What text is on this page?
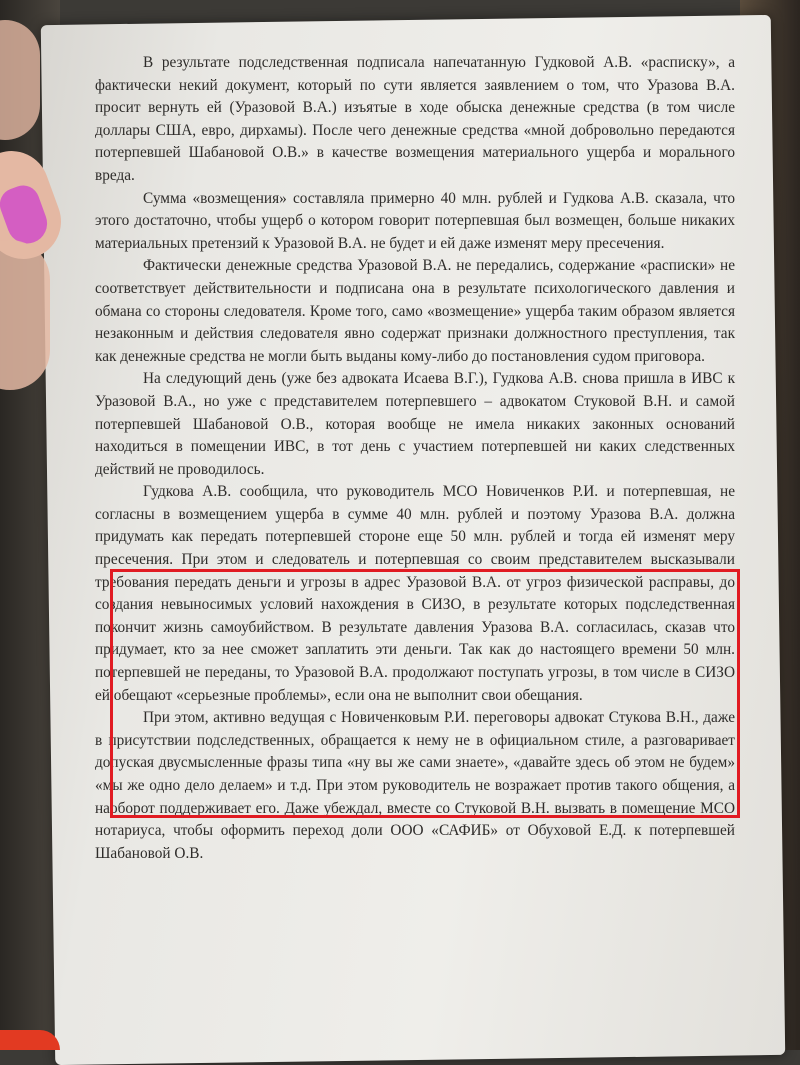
В результате подследственная подписала напечатанную Гудковой А.В. «расписку», а фактически некий документ, который по сути является заявлением о том, что Уразова В.А. просит вернуть ей (Уразовой В.А.) изъятые в ходе обыска денежные средства (в том числе доллары США, евро, дирхамы). После чего денежные средства «мной добровольно передаются потерпевшей Шабановой О.В.» в качестве возмещения материального ущерба и морального вреда.

Сумма «возмещения» составляла примерно 40 млн. рублей и Гудкова А.В. сказала, что этого достаточно, чтобы ущерб о котором говорит потерпевшая был возмещен, больше никаких материальных претензий к Уразовой В.А. не будет и ей даже изменят меру пресечения.

Фактически денежные средства Уразовой В.А. не передались, содержание «расписки» не соответствует действительности и подписана она в результате психологического давления и обмана со стороны следователя. Кроме того, само «возмещение» ущерба таким образом является незаконным и действия следователя явно содержат признаки должностного преступления, так как денежные средства не могли быть выданы кому-либо до постановления судом приговора.

На следующий день (уже без адвоката Исаева В.Г.), Гудкова А.В. снова пришла в ИВС к Уразовой В.А., но уже с представителем потерпевшего – адвокатом Стуковой В.Н. и самой потерпевшей Шабановой О.В., которая вообще не имела никаких законных оснований находиться в помещении ИВС, в тот день с участием потерпевшей ни каких следственных действий не проводилось.

Гудкова А.В. сообщила, что руководитель МСО Новиченков Р.И. и потерпевшая, не согласны в возмещением ущерба в сумме 40 млн. рублей и поэтому Уразова В.А. должна придумать как передать потерпевшей стороне еще 50 млн. рублей и тогда ей изменят меру пресечения. При этом и следователь и потерпевшая со своим представителем высказывали требования передать деньги и угрозы в адрес Уразовой В.А. от угроз физической расправы, до создания невыносимых условий нахождения в СИЗО, в результате которых подследственная покончит жизнь самоубийством. В результате давления Уразова В.А. согласилась, сказав что придумает, кто за нее сможет заплатить эти деньги. Так как до настоящего времени 50 млн. потерпевшей не переданы, то Уразовой В.А. продолжают поступать угрозы, в том числе в СИЗО ей обещают «серьезные проблемы», если она не выполнит свои обещания.

При этом, активно ведущая с Новиченковым Р.И. переговоры адвокат Стукова В.Н., даже в присутствии подследственных, обращается к нему не в официальном стиле, а разговаривает допуская двусмысленные фразы типа «ну вы же сами знаете», «давайте здесь об этом не будем» «мы же одно дело делаем» и т.д. При этом руководитель не возражает против такого общения, а наоборот поддерживает его. Даже убеждал, вместе со Стуковой В.Н. вызвать в помещение МСО нотариуса, чтобы оформить переход доли ООО «САФИБ» от Обуховой Е.Д. к потерпевшей Шабановой О.В.
